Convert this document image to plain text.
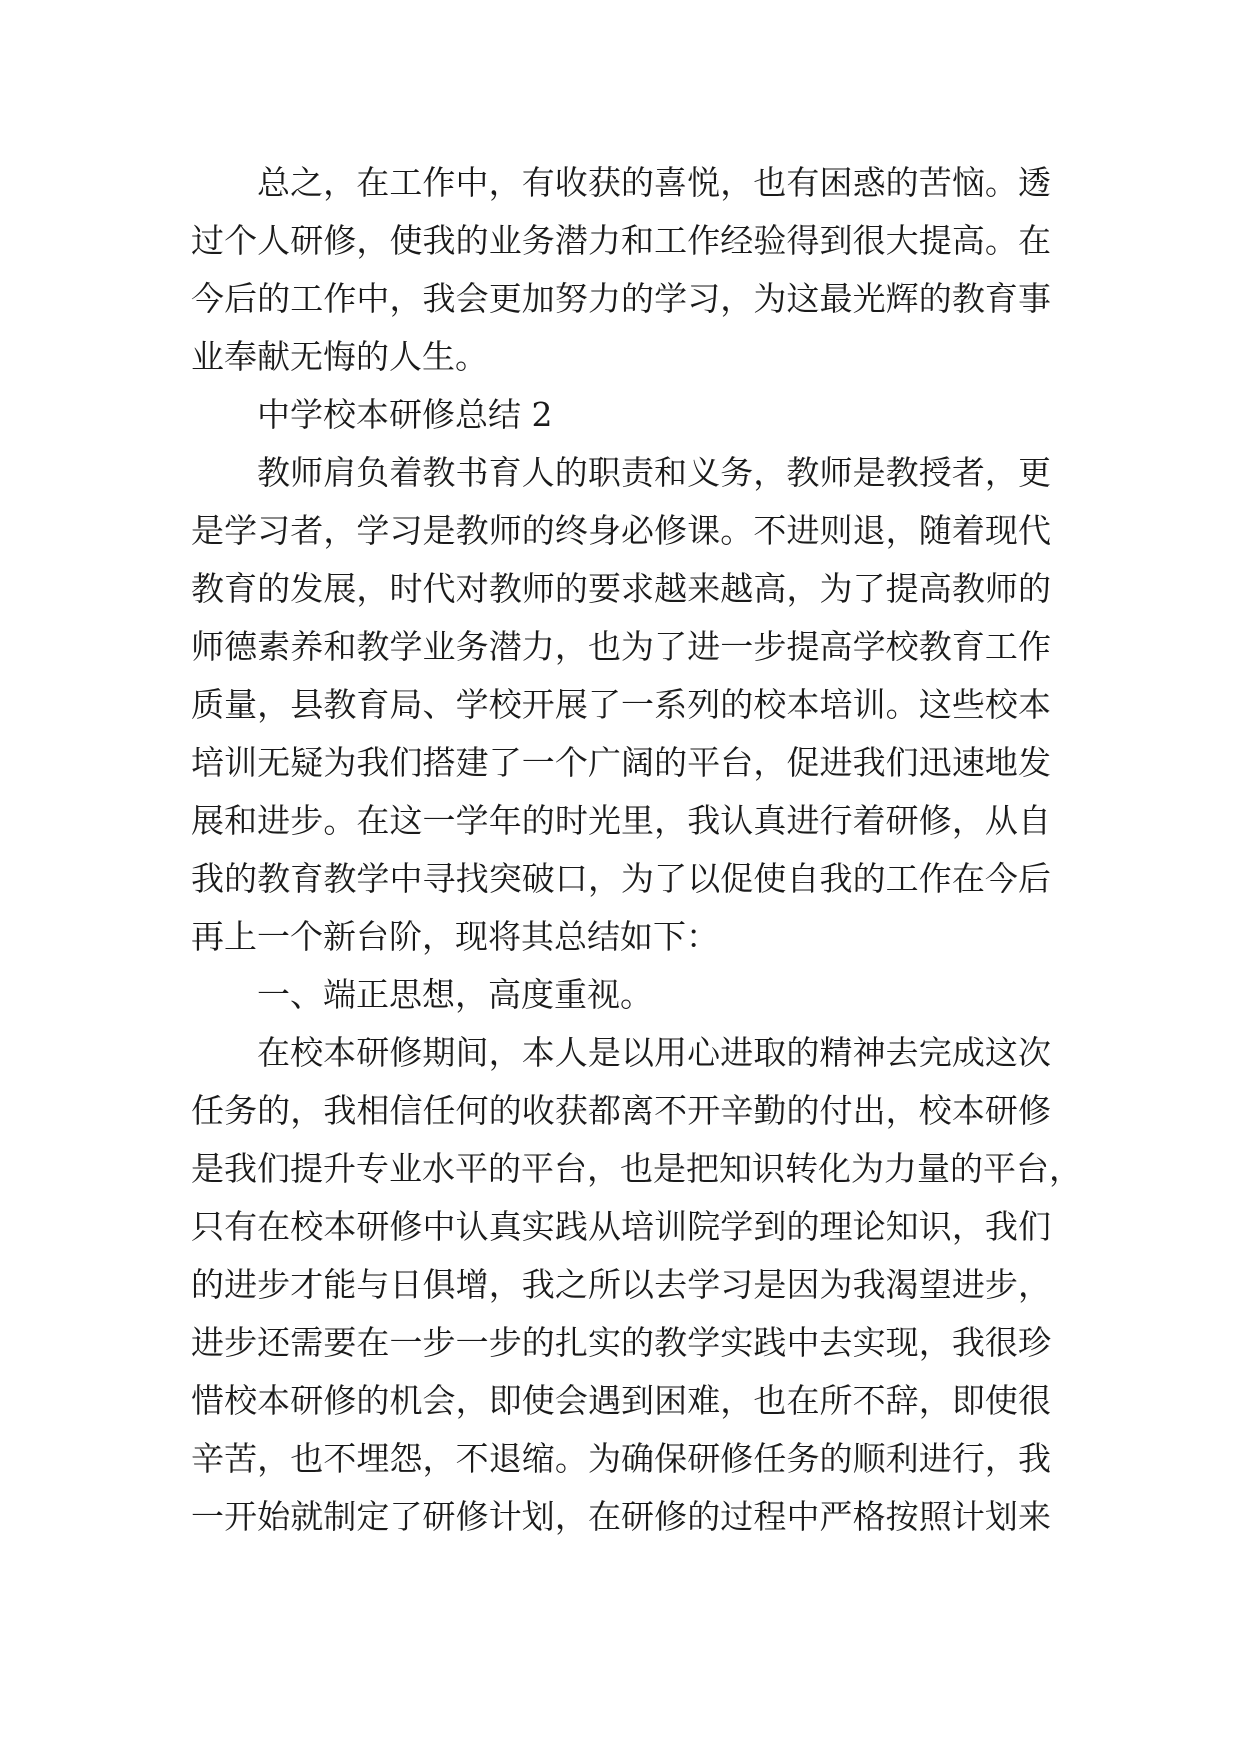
总之，在工作中，有收获的喜悦，也有困惑的苦恼。透
过个人研修，使我的业务潜力和工作经验得到很大提高。在
今后的工作中，我会更加努力的学习，为这最光辉的教育事
业奉献无悔的人生。
中学校本研修总结 2
教师肩负着教书育人的职责和义务，教师是教授者，更
是学习者，学习是教师的终身必修课。不进则退，随着现代
教育的发展，时代对教师的要求越来越高，为了提高教师的
师德素养和教学业务潜力，也为了进一步提高学校教育工作
质量，县教育局、学校开展了一系列的校本培训。这些校本
培训无疑为我们搭建了一个广阔的平台，促进我们迅速地发
展和进步。在这一学年的时光里，我认真进行着研修，从自
我的教育教学中寻找突破口，为了以促使自我的工作在今后
再上一个新台阶，现将其总结如下：
一、端正思想，高度重视。
在校本研修期间，本人是以用心进取的精神去完成这次
任务的，我相信任何的收获都离不开辛勤的付出，校本研修
是我们提升专业水平的平台，也是把知识转化为力量的平台，
只有在校本研修中认真实践从培训院学到的理论知识，我们
的进步才能与日俱增，我之所以去学习是因为我渴望进步，
进步还需要在一步一步的扎实的教学实践中去实现，我很珍
惜校本研修的机会，即使会遇到困难，也在所不辞，即使很
辛苦，也不埋怨，不退缩。为确保研修任务的顺利进行，我
一开始就制定了研修计划，在研修的过程中严格按照计划来
